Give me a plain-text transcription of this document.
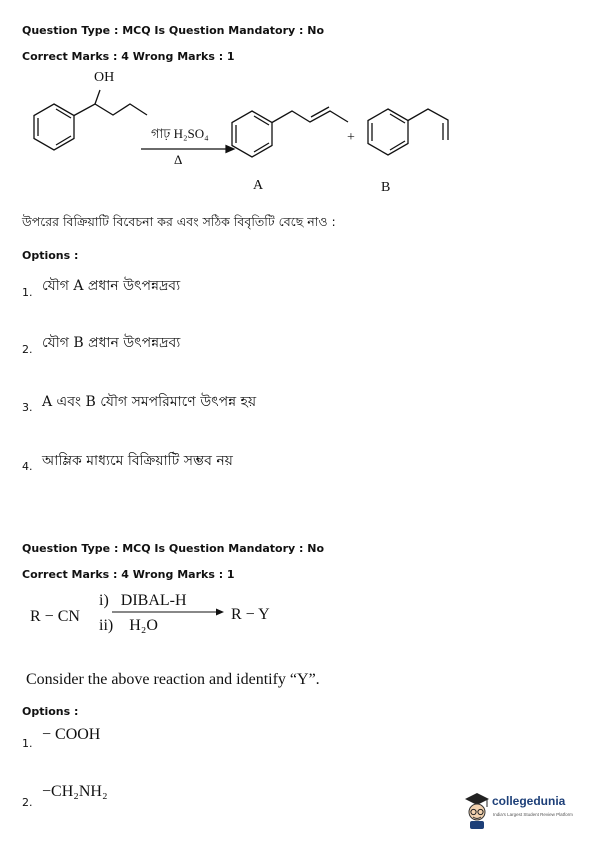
Question Type : MCQ Is Question Mandatory : No
Correct Marks : 4 Wrong Marks : 1
OH
গাঢ় H₂SO₄
Δ
+
A	B
উপরের বিক্রিয়াটি বিবেচনা কর এবং সঠিক বিবৃতিটি বেছে নাও :
Options :
1. যৌগ A প্রধান উৎপন্নদ্রব্য
2. যৌগ B প্রধান উৎপন্নদ্রব্য
3. A এবং B যৌগ সমপরিমাণে উৎপন্ন হয়
4. আম্লিক মাধ্যমে বিক্রিয়াটি সম্ভব নয়
Question Type : MCQ Is Question Mandatory : No
Correct Marks : 4 Wrong Marks : 1
R − CN
i)   DIBAL-H
ii)    H₂O
R − Y
Consider the above reaction and identify “Y”.
Options :
1.
− COOH
2.
−CH₂NH₂
collegedunia
India's Largest Student Review Platform
